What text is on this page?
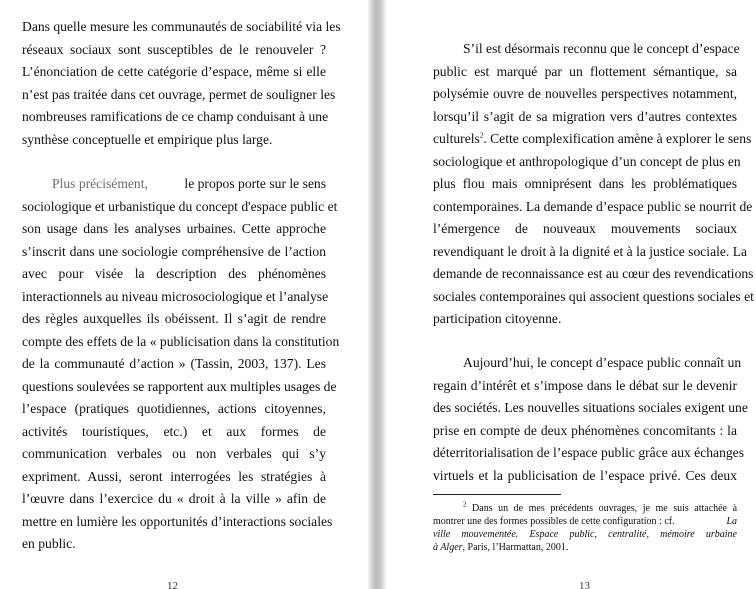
Dans quelle mesure les communautés de sociabilité via les
réseaux sociaux sont susceptibles de le renouveler ?
L’énonciation de cette catégorie d’espace, même si elle
n’est pas traitée dans cet ouvrage, permet de souligner les
nombreuses ramifications de ce champ conduisant à une
synthèse conceptuelle et empirique plus large.
Plus précisément,	le propos porte sur le sens
sociologique et urbanistique du concept d'espace public et
son usage dans les analyses urbaines. Cette approche
s’inscrit dans une sociologie compréhensive de l’action
avec pour visée la description des phénomènes
interactionnels au niveau microsociologique et l’analyse
des règles auxquelles ils obéissent. Il s’agit de rendre
compte des effets de la « publicisation dans la constitution
de la communauté d’action » (Tassin, 2003, 137). Les
questions soulevées se rapportent aux multiples usages de
l’espace (pratiques quotidiennes, actions citoyennes,
activités touristiques, etc.) et aux formes de
communication verbales ou non verbales qui s’y
expriment. Aussi, seront interrogées les stratégies à
l’œuvre dans l’exercice du « droit à la ville » afin de
mettre en lumière les opportunités d’interactions sociales
en public.
12
S’il est désormais reconnu que le concept d’espace
public est marqué par un flottement sémantique, sa
polysémie ouvre de nouvelles perspectives notamment,
lorsqu’il s’agit de sa migration vers d’autres contextes
culturels$^2$ . Cette complexification amène à explorer le sens
sociologique et anthropologique d’un concept de plus en
plus flou mais omniprésent dans les problématiques
contemporaines. La demande d’espace public se nourrit de
l’émergence de nouveaux mouvements sociaux
revendiquant le droit à la dignité et à la justice sociale. La
demande de reconnaissance est au cœur des revendications
sociales contemporaines qui associent questions sociales et
participation citoyenne.
Aujourd’hui, le concept d’espace public connaît un
regain d’intérêt et s’impose dans le débat sur le devenir
des sociétés. Les nouvelles situations sociales exigent une
prise en compte de deux phénomènes concomitants : la
déterritorialisation de l’espace public grâce aux échanges
virtuels et la publicisation de l’espace privé. Ces deux
$^2$ Dans un de mes précédents ouvrages, je me suis attachée à
montrer une des formes possibles de cette configuration : cf.	La
ville mouvementée. Espace public, centralité, mémoire urbaine
à Alger, Paris, l’Harmattan, 2001.
13
